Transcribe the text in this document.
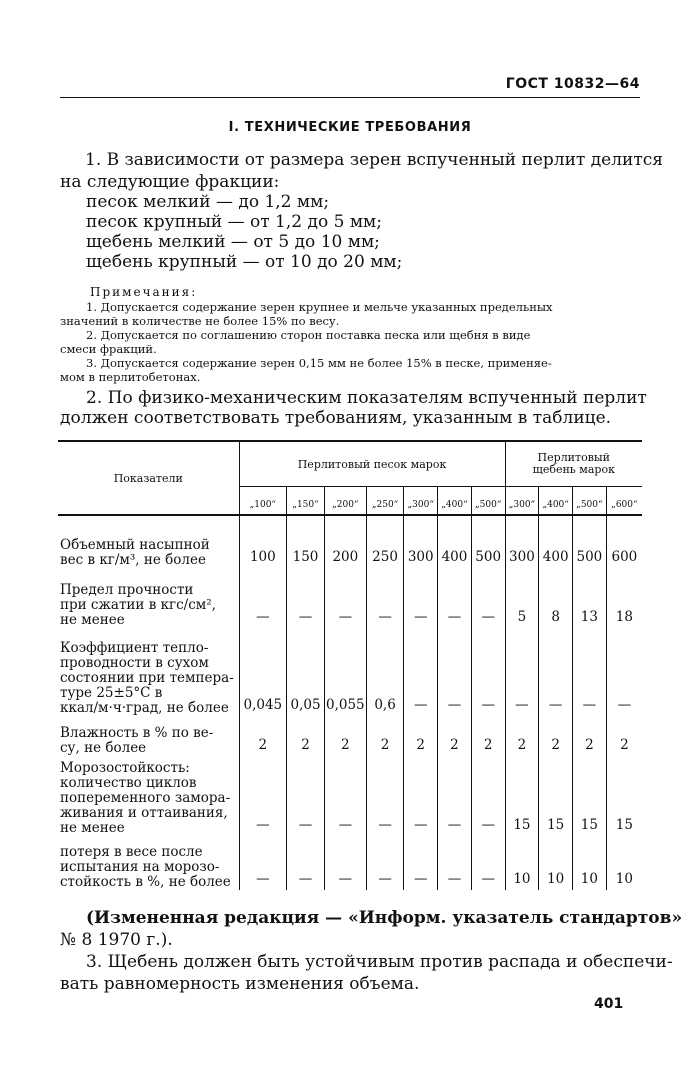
ГОСТ 10832—64
I. ТЕХНИЧЕСКИЕ ТРЕБОВАНИЯ
1. В зависимости от размера зерен вспученный перлит делится
на следующие фракции:
песок мелкий — до 1,2 мм;
песок крупный — от 1,2 до 5 мм;
щебень мелкий — от 5 до 10 мм;
щебень крупный — от 10 до 20 мм;
Примечания:
1. Допускается содержание зерен крупнее и мельче указанных предельных
значений в количестве не более 15% по весу.
2. Допускается по соглашению сторон поставка песка или щебня в виде
смеси фракций.
3. Допускается содержание зерен 0,15 мм не более 15% в песке, применяе-
мом в перлитобетонах.
2. По физико-механическим показателям вспученный перлит
должен соответствовать требованиям, указанным в таблице.
Показатели	Перлитовый песок марок							Перлитовый
щебень марок			
	„100“	„150“	„200“	„250“	„300“	„400“	„500“	„300“	„400“	„500“	„600“

Объемный насыпной
вес в кг/м³, не более	100	150	200	250	300	400	500	300	400	500	600

Предел прочности
при сжатии в кгс/см²,
не менее	—	—	—	—	—	—	—	5	8	13	18

Коэффициент тепло-
проводности в сухом
состоянии при темпера-
туре 25±5°С в
ккал/м·ч·град, не более	0,045	0,05	0,055	0,6	—	—	—	—	—	—	—

Влажность в % по ве-
су, не более	2	2	2	2	2	2	2	2	2	2	2

Морозостойкость:
количество циклов
попеременного замора-
живания и оттаивания,
не менее	—	—	—	—	—	—	—	15	15	15	15

потеря в весе после
испытания на морозо-
стойкость в %, не более	—	—	—	—	—	—	—	10	10	10	10
(Измененная редакция — «Информ. указатель стандартов»
№ 8 1970 г.).
3. Щебень должен быть устойчивым против распада и обеспечи-
вать равномерность изменения объема.
401
